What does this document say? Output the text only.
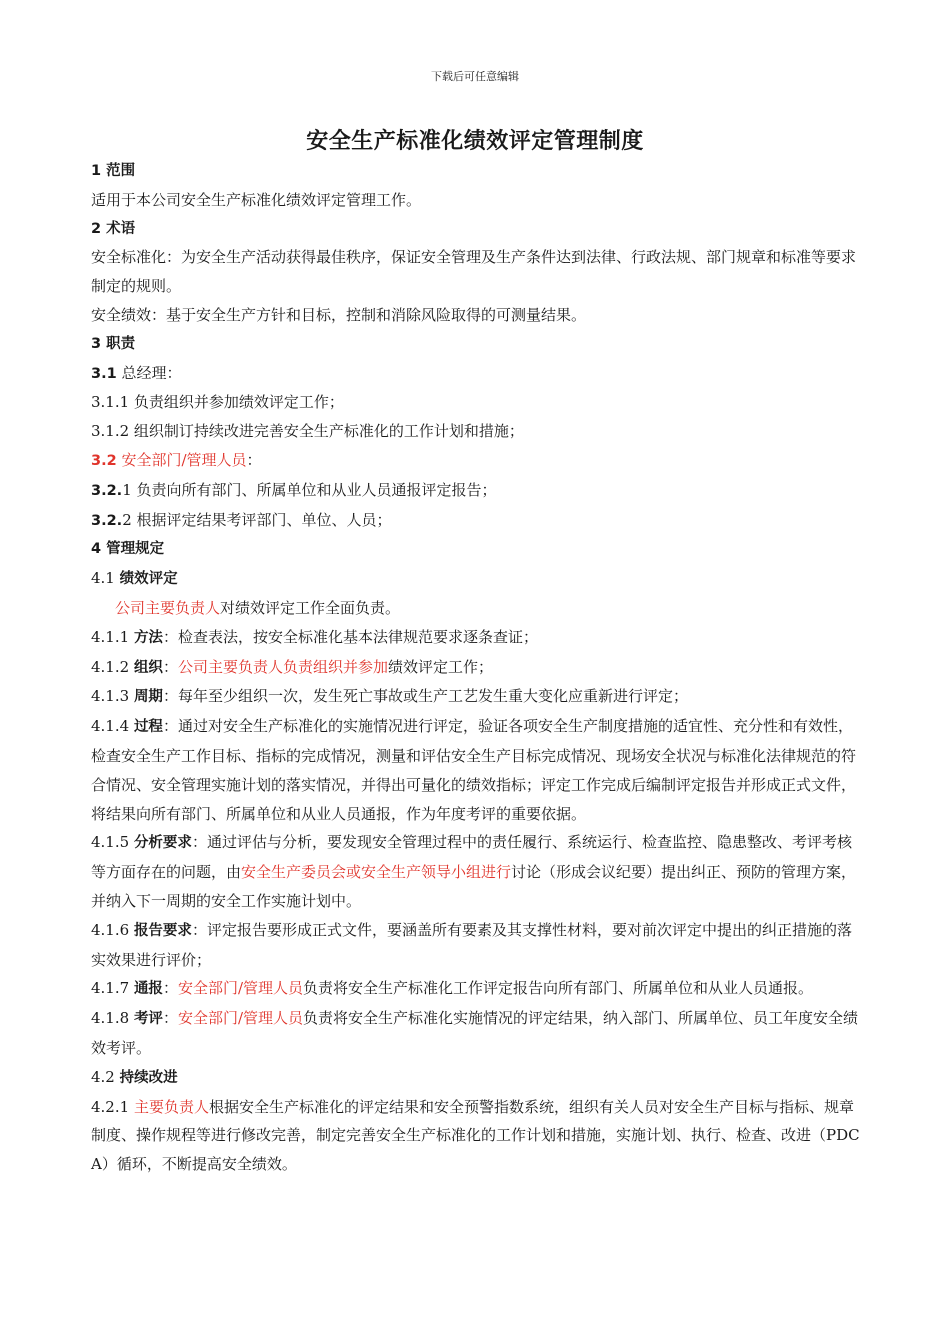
下载后可任意编辑
安全生产标准化绩效评定管理制度

1 范围

适用于本公司安全生产标准化绩效评定管理工作。

2 术语

安全标准化：为安全生产活动获得最佳秩序，保证安全管理及生产条件达到法律、行政法规、部门规章和标准等要求制定的规则。

安全绩效：基于安全生产方针和目标，控制和消除风险取得的可测量结果。

3 职责

3.1 总经理：

3.1.1 负责组织并参加绩效评定工作；

3.1.2 组织制订持续改进完善安全生产标准化的工作计划和措施；

3.2 安全部门/管理人员：

3.2.1 负责向所有部门、所属单位和从业人员通报评定报告；

3.2.2 根据评定结果考评部门、单位、人员；

4 管理规定

4.1 绩效评定

公司主要负责人对绩效评定工作全面负责。

4.1.1 方法：检查表法，按安全标准化基本法律规范要求逐条查证；

4.1.2 组织：公司主要负责人负责组织并参加绩效评定工作；

4.1.3 周期：每年至少组织一次，发生死亡事故或生产工艺发生重大变化应重新进行评定；

4.1.4 过程：通过对安全生产标准化的实施情况进行评定，验证各项安全生产制度措施的适宜性、充分性和有效性，检查安全生产工作目标、指标的完成情况，测量和评估安全生产目标完成情况、现场安全状况与标准化法律规范的符合情况、安全管理实施计划的落实情况，并得出可量化的绩效指标；评定工作完成后编制评定报告并形成正式文件，将结果向所有部门、所属单位和从业人员通报，作为年度考评的重要依据。

4.1.5 分析要求：通过评估与分析，要发现安全管理过程中的责任履行、系统运行、检查监控、隐患整改、考评考核等方面存在的问题，由安全生产委员会或安全生产领导小组进行讨论（形成会议纪要）提出纠正、预防的管理方案，并纳入下一周期的安全工作实施计划中。

4.1.6 报告要求：评定报告要形成正式文件，要涵盖所有要素及其支撑性材料，要对前次评定中提出的纠正措施的落实效果进行评价；

4.1.7 通报：安全部门/管理人员负责将安全生产标准化工作评定报告向所有部门、所属单位和从业人员通报。

4.1.8 考评：安全部门/管理人员负责将安全生产标准化实施情况的评定结果，纳入部门、所属单位、员工年度安全绩效考评。

4.2 持续改进

4.2.1 主要负责人根据安全生产标准化的评定结果和安全预警指数系统，组织有关人员对安全生产目标与指标、规章制度、操作规程等进行修改完善，制定完善安全生产标准化的工作计划和措施，实施计划、执行、检查、改进（PDCA）循环，不断提高安全绩效。
